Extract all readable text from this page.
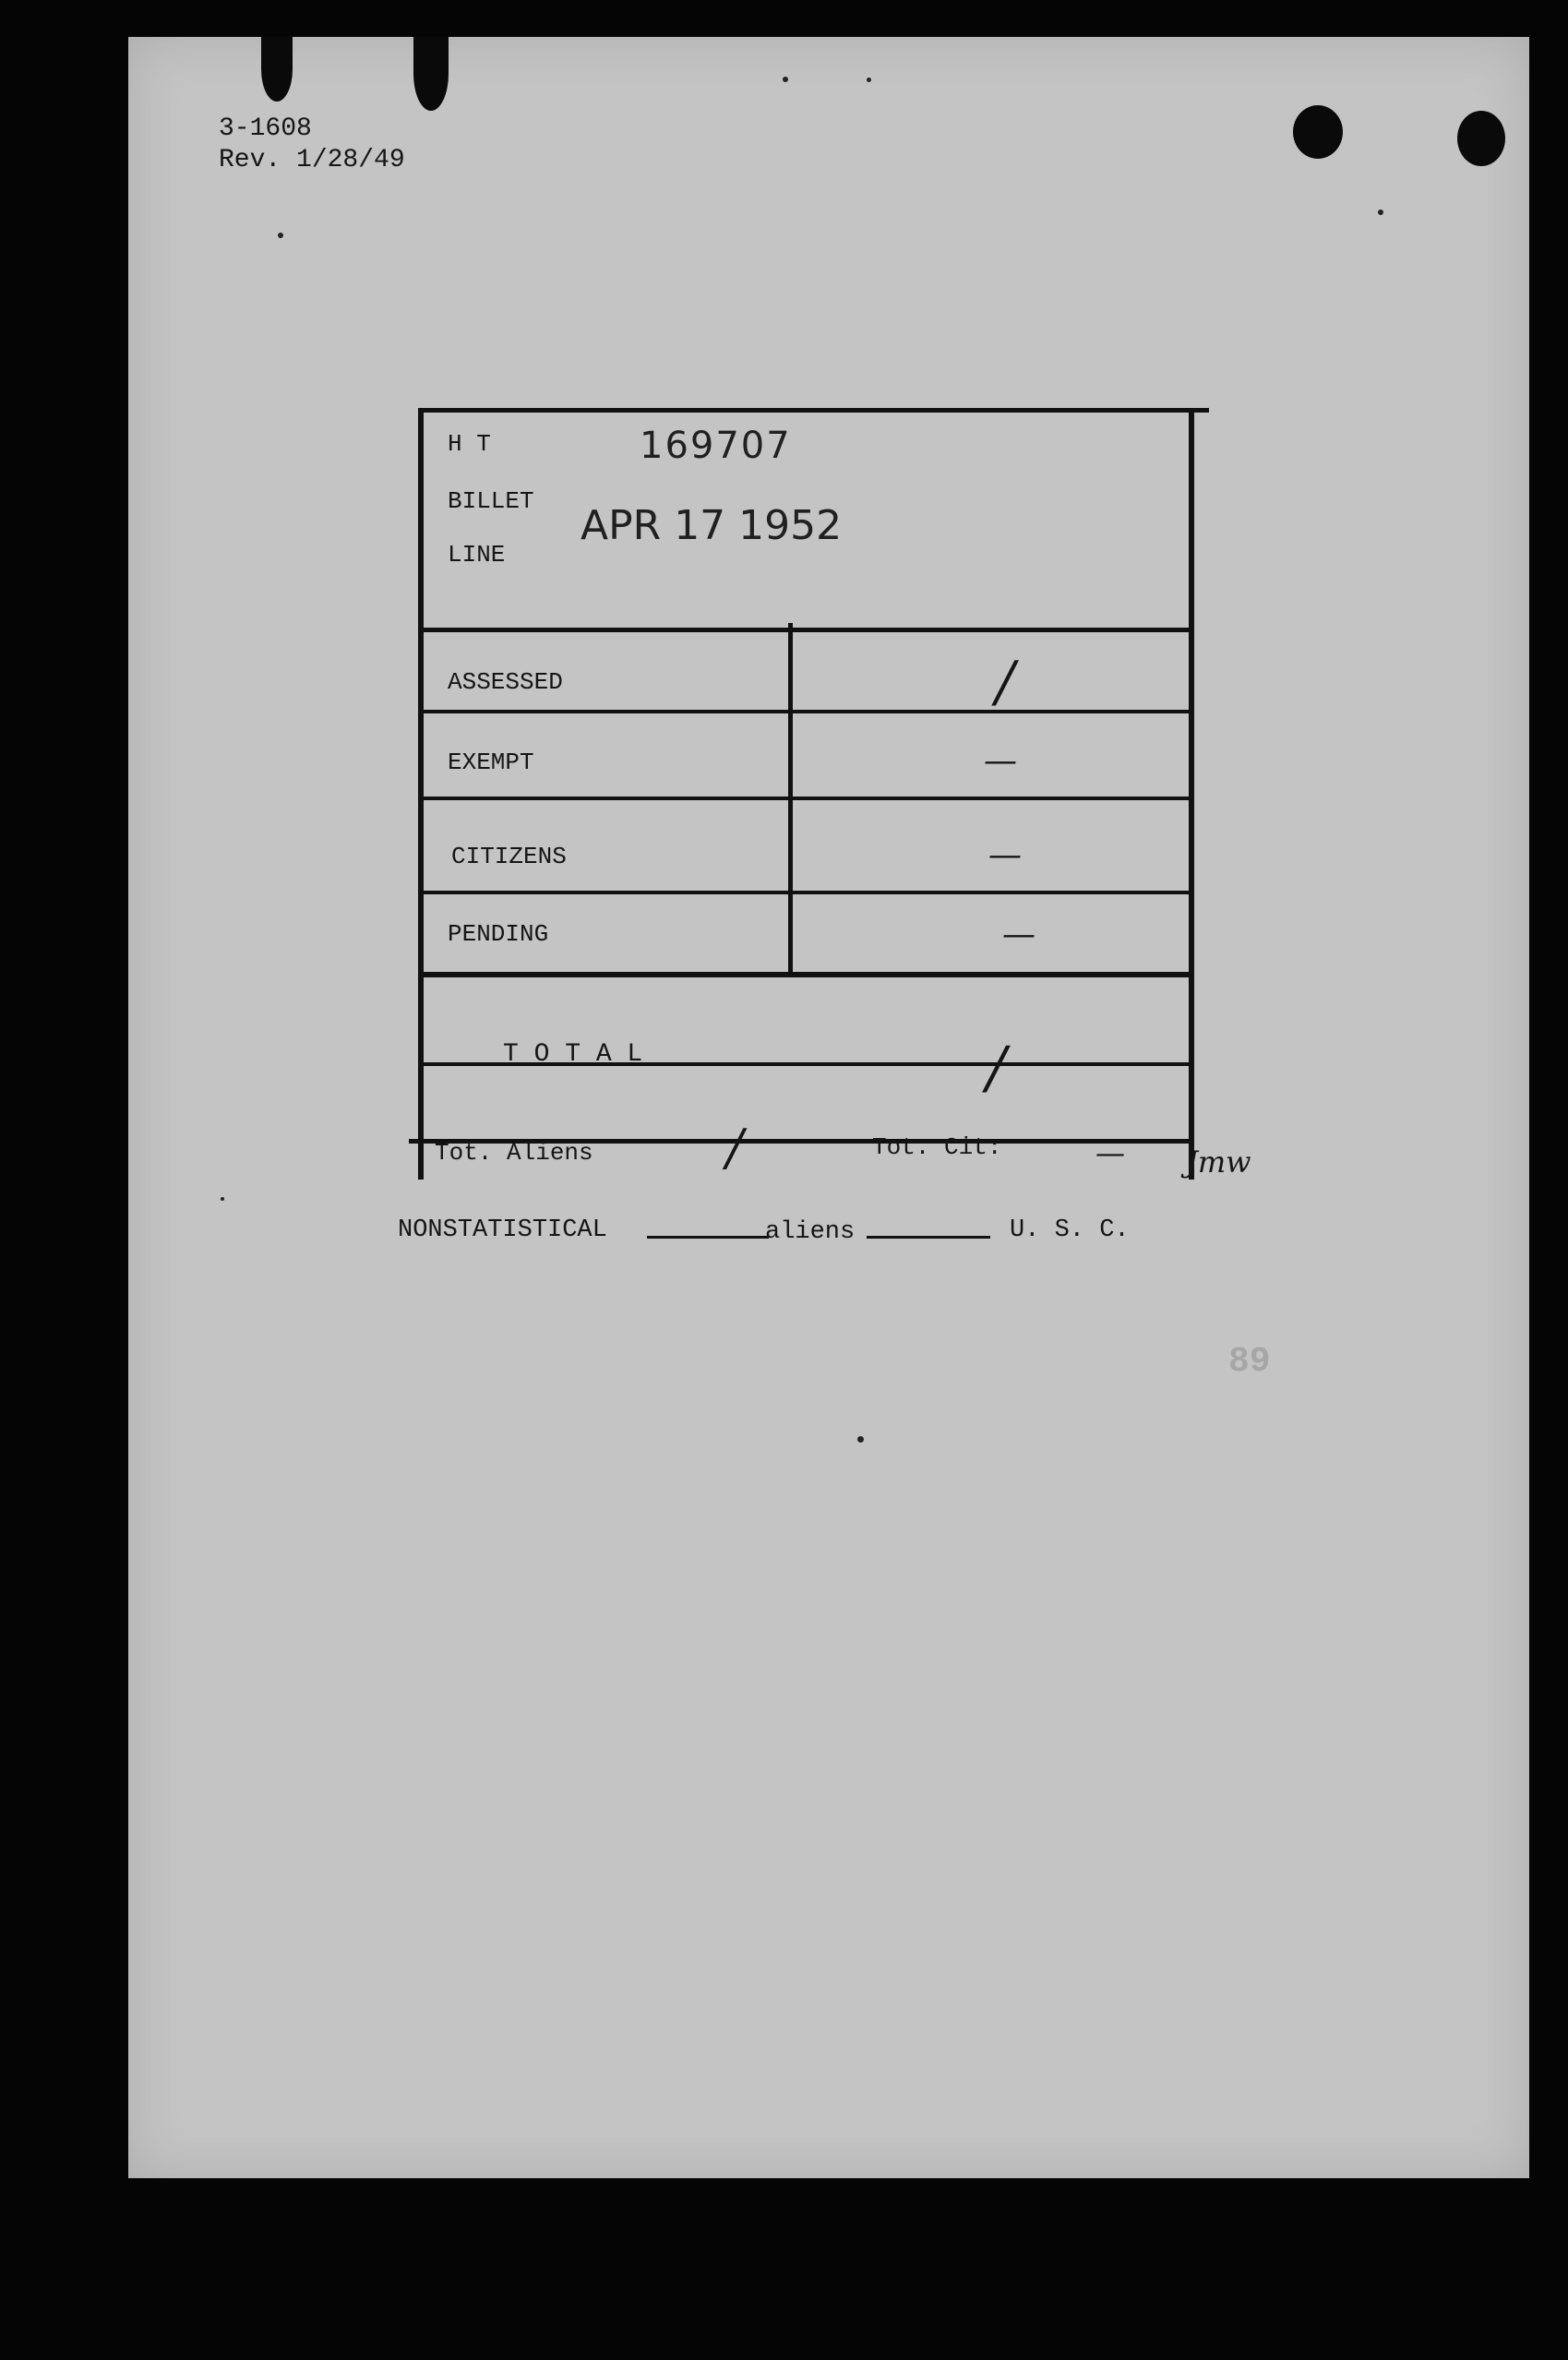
3-1608
Rev. 1/28/49
H T	169707
BILLET
APR 17 1952
LINE
ASSESSED	/
EXEMPT	—
CITIZENS	—
PENDING	—
T O T A L	/
Tot. Aliens	/	Tot. Cit:	— Jmw
NONSTATISTICAL	aliens	U. S. C.
89
